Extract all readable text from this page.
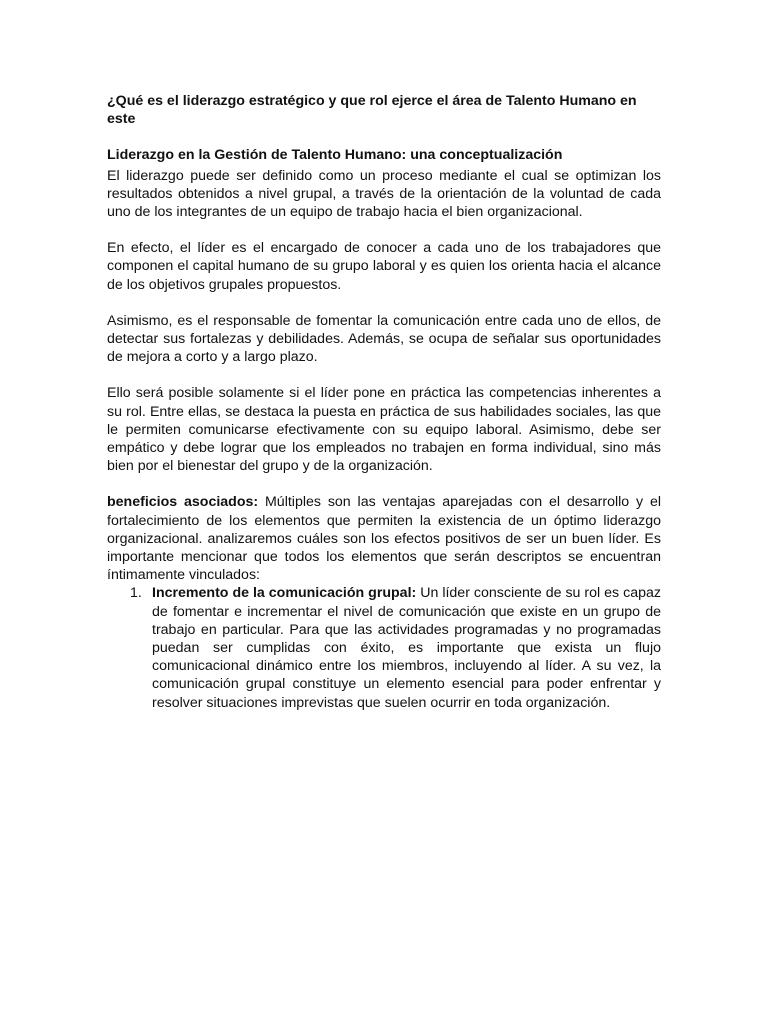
¿Qué es el liderazgo estratégico y que rol ejerce el área de Talento Humano en este
Liderazgo en la Gestión de Talento Humano: una conceptualización

El liderazgo puede ser definido como un proceso mediante el cual se optimizan los resultados obtenidos a nivel grupal, a través de la orientación de la voluntad de cada uno de los integrantes de un equipo de trabajo hacia el bien organizacional.

En efecto, el líder es el encargado de conocer a cada uno de los trabajadores que componen el capital humano de su grupo laboral y es quien los orienta hacia el alcance de los objetivos grupales propuestos.

Asimismo, es el responsable de fomentar la comunicación entre cada uno de ellos, de detectar sus fortalezas y debilidades. Además, se ocupa de señalar sus oportunidades de mejora a corto y a largo plazo.

Ello será posible solamente si el líder pone en práctica las competencias inherentes a su rol. Entre ellas, se destaca la puesta en práctica de sus habilidades sociales, las que le permiten comunicarse efectivamente con su equipo laboral. Asimismo, debe ser empático y debe lograr que los empleados no trabajen en forma individual, sino más bien por el bienestar del grupo y de la organización.

beneficios asociados: Múltiples son las ventajas aparejadas con el desarrollo y el fortalecimiento de los elementos que permiten la existencia de un óptimo liderazgo organizacional. analizaremos cuáles son los efectos positivos de ser un buen líder. Es importante mencionar que todos los elementos que serán descriptos se encuentran íntimamente vinculados:

1. Incremento de la comunicación grupal: Un líder consciente de su rol es capaz de fomentar e incrementar el nivel de comunicación que existe en un grupo de trabajo en particular. Para que las actividades programadas y no programadas puedan ser cumplidas con éxito, es importante que exista un flujo comunicacional dinámico entre los miembros, incluyendo al líder. A su vez, la comunicación grupal constituye un elemento esencial para poder enfrentar y resolver situaciones imprevistas que suelen ocurrir en toda organización.
